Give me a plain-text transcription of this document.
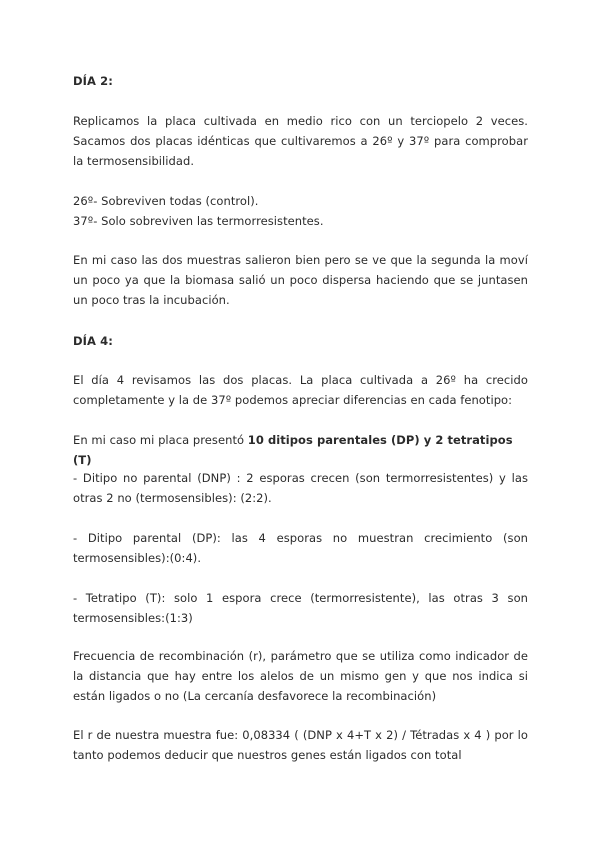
DÍA 2:
Replicamos la placa cultivada en medio rico con un terciopelo 2 veces. Sacamos dos placas idénticas que cultivaremos a 26º y 37º para comprobar la termosensibilidad.
26º- Sobreviven todas (control).
37º- Solo sobreviven las termorresistentes.
En mi caso las dos muestras salieron bien pero se ve que la segunda la moví un poco ya que la biomasa salió un poco dispersa haciendo que se juntasen un poco tras la incubación.
DÍA 4:
El día 4 revisamos las dos placas. La placa cultivada a 26º ha crecido completamente y la de 37º podemos apreciar diferencias en cada fenotipo:
En mi caso mi placa presentó 10 ditipos parentales (DP) y 2 tetratipos (T)
- Ditipo no parental (DNP) : 2 esporas crecen (son termorresistentes) y las otras 2 no (termosensibles): (2:2).
- Ditipo parental (DP): las 4 esporas no muestran crecimiento (son termosensibles):(0:4).
- Tetratipo (T): solo 1 espora crece (termorresistente), las otras 3 son termosensibles:(1:3)
Frecuencia de recombinación (r), parámetro que se utiliza como indicador de la distancia que hay entre los alelos de un mismo gen y que nos indica si están ligados o no (La cercanía desfavorece la recombinación)
El r de nuestra muestra fue: 0,08334 ( (DNP x 4+T x 2) / Tétradas x 4 ) por lo tanto podemos deducir que nuestros genes están ligados con total
